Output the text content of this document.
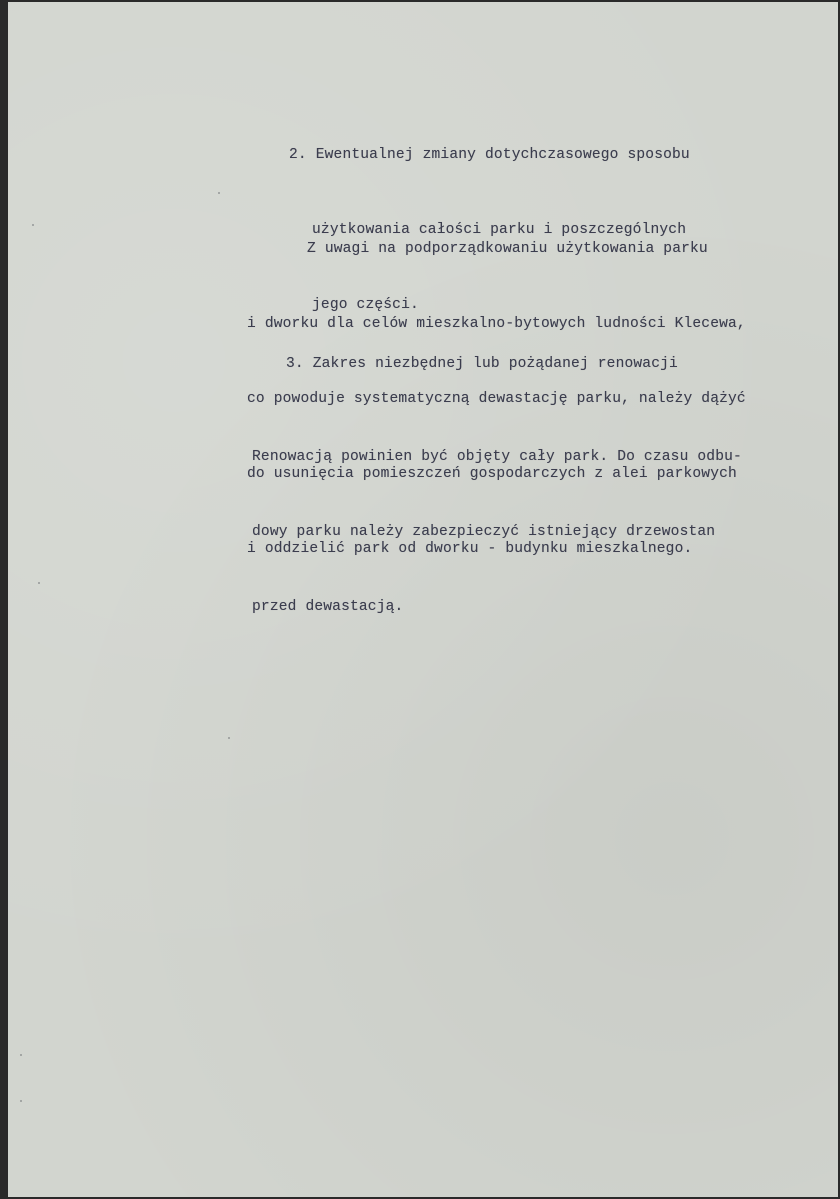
2. Ewentualnej zmiany dotychczasowego sposobu

użytkowania całości parku i poszczególnych

jego części.

Z uwagi na podporządkowaniu użytkowania parku

i dworku dla celów mieszkalno-bytowych ludności Klecewa,

co powoduje systematyczną dewastację parku, należy dążyć

do usunięcia pomieszczeń gospodarczych z alei parkowych

i oddzielić park od dworku - budynku mieszkalnego.

3. Zakres niezbędnej lub pożądanej renowacji

Renowacją powinien być objęty cały park. Do czasu odbu-

dowy parku należy zabezpieczyć istniejący drzewostan

przed dewastacją.
